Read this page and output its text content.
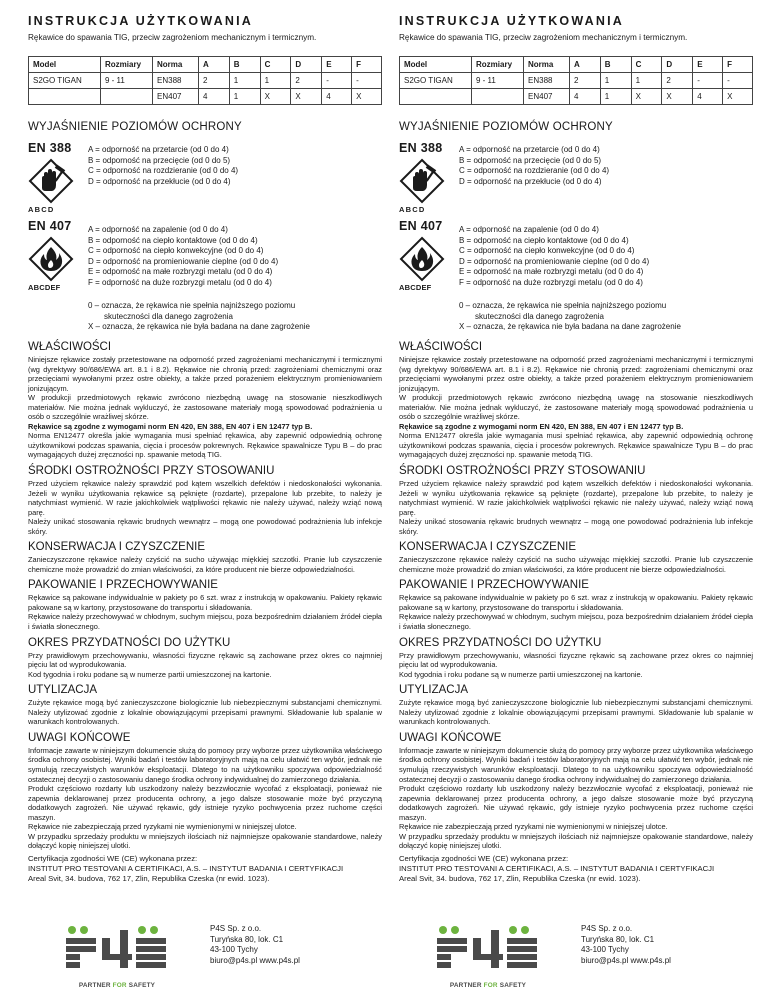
INSTRUKCJA UŻYTKOWANIA
Rękawice do spawania TIG, przeciw zagrożeniom mechanicznym i termicznym.
Model	Rozmiary	Norma	A	B	C	D	E	F
S2GO TIGAN	9 - 11	EN388	2	1	1	2	-	-
		EN407	4	1	X	X	4	X
WYJAŚNIENIE POZIOMÓW OCHRONY
EN 388
ABCD
A = odporność na przetarcie (od 0 do 4)
B = odporność na przecięcie (od 0 do 5)
C = odporność na rozdzieranie (od 0 do 4)
D = odporność na przekłucie (od 0 do 4)
EN 407
ABCDEF
A = odporność na zapalenie (od 0 do 4)
B = odporność na ciepło kontaktowe (od 0 do 4)
C = odporność na ciepło konwekcyjne (od 0 do 4)
D = odporność na promieniowanie cieplne (od 0 do 4)
E = odporność na małe rozbryzgi metalu (od 0 do 4)
F = odporność na duże rozbryzgi metalu (od 0 do 4)
0 – oznacza, że rękawica nie spełnia najniższego poziomu
skuteczności dla danego zagrożenia
X – oznacza, że rękawica nie była badana na dane zagrożenie
WŁAŚCIWOŚCI
Niniejsze rękawice zostały przetestowane na odporność przed zagrożeniami mechanicznymi i termicznymi (wg dyrektywy 90/686/EWA art. 8.1 i 8.2). Rękawice nie chronią przed: zagrożeniami chemicznymi oraz przecięciami wywołanymi przez ostre obiekty, a także przed porażeniem elektrycznym promieniowaniem jonizującym.
W produkcji przedmiotowych rękawic zwrócono niezbędną uwagę na stosowanie nieszkodliwych materiałów. Nie można jednak wykluczyć, że zastosowane materiały mogą spowodować podrażnienia u osób o szczególnie wrażliwej skórze.
Rękawice są zgodne z wymogami norm EN 420, EN 388, EN 407 i EN 12477 typ B.
Norma EN12477 określa jakie wymagania musi spełniać rękawica, aby zapewnić odpowiednią ochronę użytkownikowi podczas spawania, cięcia i procesów pokrewnych. Rękawice spawalnicze Typu B – do prac wymagających dużej zręczności np. spawanie metodą TIG.
ŚRODKI OSTROŻNOŚCI PRZY STOSOWANIU
Przed użyciem rękawice należy sprawdzić pod kątem wszelkich defektów i niedoskonałości wykonania. Jeżeli w wyniku użytkowania rękawice są pęknięte (rozdarte), przepalone lub przebite, to należy je natychmiast wymienić. W razie jakichkolwiek wątpliwości rękawic nie należy używać, należy wziąć nową parę.
Należy unikać stosowania rękawic brudnych wewnątrz – mogą one powodować podrażnienia lub infekcje skóry.
KONSERWACJA I CZYSZCZENIE
Zanieczyszczone rękawice należy czyścić na sucho używając miękkiej szczotki. Pranie lub czyszczenie chemiczne może prowadzić do zmian właściwości, za które producent nie bierze odpowiedzialności.
PAKOWANIE I PRZECHOWYWANIE
Rękawice są pakowane indywidualnie w pakiety po 6 szt. wraz z instrukcją w opakowaniu. Pakiety rękawic pakowane są w kartony, przystosowane do transportu i składowania.
Rękawice należy przechowywać w chłodnym, suchym miejscu, poza bezpośrednim działaniem źródeł ciepła i światła słonecznego.
OKRES PRZYDATNOŚCI DO UŻYTKU
Przy prawidłowym przechowywaniu, własności fizyczne rękawic są zachowane przez okres co najmniej pięciu lat od wyprodukowania.
Kod tygodnia i roku podane są w numerze partii umieszczonej na kartonie.
UTYLIZACJA
Zużyte rękawice mogą być zanieczyszczone biologicznie lub niebezpiecznymi substancjami chemicznymi. Należy utylizować zgodnie z lokalnie obowiązującymi przepisami prawnymi. Składowanie lub spalanie w warunkach kontrolowanych.
UWAGI KOŃCOWE
Informacje zawarte w niniejszym dokumencie służą do pomocy przy wyborze przez użytkownika właściwego środka ochrony osobistej. Wyniki badań i testów laboratoryjnych mają na celu ułatwić ten wybór, jednak nie symulują rzeczywistych warunków eksploatacji. Dlatego to na użytkowniku spoczywa odpowiedzialność ostatecznej decyzji o zastosowaniu danego środka ochrony indywidualnej do zamierzonego działania.
Produkt częściowo rozdarty lub uszkodzony należy bezzwłocznie wycofać z eksploatacji, ponieważ nie zapewnia deklarowanej przez producenta ochrony, a jego dalsze stosowanie może być przyczyną dodatkowych zagrożeń. Nie używać rękawic, gdy istnieje ryzyko pochwycenia przez ruchome części maszyn.
Rękawice nie zabezpieczają przed ryzykami nie wymienionymi w niniejszej ulotce.
W przypadku sprzedaży produktu w mniejszych ilościach niż najmniejsze opakowanie standardowe, należy dołączyć kopię niniejszej ulotki.
Certyfikacja zgodności WE (CE) wykonana przez:
INSTITUT PRO TESTOVANI A CERTIFIKACI, A.S. – INSTYTUT BADANIA I CERTYFIKACJI
Areal Svit, 34. budova, 762 17, Zlin, Republika Czeska (nr ewid. 1023).
INSTRUKCJA UŻYTKOWANIA
Rękawice do spawania TIG, przeciw zagrożeniom mechanicznym i termicznym.
Model	Rozmiary	Norma	A	B	C	D	E	F
S2GO TIGAN	9 - 11	EN388	2	1	1	2	-	-
		EN407	4	1	X	X	4	X
WYJAŚNIENIE POZIOMÓW OCHRONY
EN 388
ABCD
A = odporność na przetarcie (od 0 do 4)
B = odporność na przecięcie (od 0 do 5)
C = odporność na rozdzieranie (od 0 do 4)
D = odporność na przekłucie (od 0 do 4)
EN 407
ABCDEF
A = odporność na zapalenie (od 0 do 4)
B = odporność na ciepło kontaktowe (od 0 do 4)
C = odporność na ciepło konwekcyjne (od 0 do 4)
D = odporność na promieniowanie cieplne (od 0 do 4)
E = odporność na małe rozbryzgi metalu (od 0 do 4)
F = odporność na duże rozbryzgi metalu (od 0 do 4)
0 – oznacza, że rękawica nie spełnia najniższego poziomu
skuteczności dla danego zagrożenia
X – oznacza, że rękawica nie była badana na dane zagrożenie
WŁAŚCIWOŚCI
Niniejsze rękawice zostały przetestowane na odporność przed zagrożeniami mechanicznymi i termicznymi (wg dyrektywy 90/686/EWA art. 8.1 i 8.2). Rękawice nie chronią przed: zagrożeniami chemicznymi oraz przecięciami wywołanymi przez ostre obiekty, a także przed porażeniem elektrycznym promieniowaniem jonizującym.
W produkcji przedmiotowych rękawic zwrócono niezbędną uwagę na stosowanie nieszkodliwych materiałów. Nie można jednak wykluczyć, że zastosowane materiały mogą spowodować podrażnienia u osób o szczególnie wrażliwej skórze.
Rękawice są zgodne z wymogami norm EN 420, EN 388, EN 407 i EN 12477 typ B.
Norma EN12477 określa jakie wymagania musi spełniać rękawica, aby zapewnić odpowiednią ochronę użytkownikowi podczas spawania, cięcia i procesów pokrewnych. Rękawice spawalnicze Typu B – do prac wymagających dużej zręczności np. spawanie metodą TIG.
ŚRODKI OSTROŻNOŚCI PRZY STOSOWANIU
Przed użyciem rękawice należy sprawdzić pod kątem wszelkich defektów i niedoskonałości wykonania. Jeżeli w wyniku użytkowania rękawice są pęknięte (rozdarte), przepalone lub przebite, to należy je natychmiast wymienić. W razie jakichkolwiek wątpliwości rękawic nie należy używać, należy wziąć nową parę.
Należy unikać stosowania rękawic brudnych wewnątrz – mogą one powodować podrażnienia lub infekcje skóry.
KONSERWACJA I CZYSZCZENIE
Zanieczyszczone rękawice należy czyścić na sucho używając miękkiej szczotki. Pranie lub czyszczenie chemiczne może prowadzić do zmian właściwości, za które producent nie bierze odpowiedzialności.
PAKOWANIE I PRZECHOWYWANIE
Rękawice są pakowane indywidualnie w pakiety po 6 szt. wraz z instrukcją w opakowaniu. Pakiety rękawic pakowane są w kartony, przystosowane do transportu i składowania.
Rękawice należy przechowywać w chłodnym, suchym miejscu, poza bezpośrednim działaniem źródeł ciepła i światła słonecznego.
OKRES PRZYDATNOŚCI DO UŻYTKU
Przy prawidłowym przechowywaniu, własności fizyczne rękawic są zachowane przez okres co najmniej pięciu lat od wyprodukowania.
Kod tygodnia i roku podane są w numerze partii umieszczonej na kartonie.
UTYLIZACJA
Zużyte rękawice mogą być zanieczyszczone biologicznie lub niebezpiecznymi substancjami chemicznymi. Należy utylizować zgodnie z lokalnie obowiązującymi przepisami prawnymi. Składowanie lub spalanie w warunkach kontrolowanych.
UWAGI KOŃCOWE
Informacje zawarte w niniejszym dokumencie służą do pomocy przy wyborze przez użytkownika właściwego środka ochrony osobistej. Wyniki badań i testów laboratoryjnych mają na celu ułatwić ten wybór, jednak nie symulują rzeczywistych warunków eksploatacji. Dlatego to na użytkowniku spoczywa odpowiedzialność ostatecznej decyzji o zastosowaniu danego środka ochrony indywidualnej do zamierzonego działania.
Produkt częściowo rozdarty lub uszkodzony należy bezzwłocznie wycofać z eksploatacji, ponieważ nie zapewnia deklarowanej przez producenta ochrony, a jego dalsze stosowanie może być przyczyną dodatkowych zagrożeń. Nie używać rękawic, gdy istnieje ryzyko pochwycenia przez ruchome części maszyn.
Rękawice nie zabezpieczają przed ryzykami nie wymienionymi w niniejszej ulotce.
W przypadku sprzedaży produktu w mniejszych ilościach niż najmniejsze opakowanie standardowe, należy dołączyć kopię niniejszej ulotki.
Certyfikacja zgodności WE (CE) wykonana przez:
INSTITUT PRO TESTOVANI A CERTIFIKACI, A.S. – INSTYTUT BADANIA I CERTYFIKACJI
Areal Svit, 34. budova, 762 17, Zlin, Republika Czeska (nr ewid. 1023).
PARTNER FOR SAFETY
P4S Sp. z o.o.
Turyńska 80, lok. C1
43-100 Tychy
biuro@p4s.pl www.p4s.pl
PARTNER FOR SAFETY
P4S Sp. z o.o.
Turyńska 80, lok. C1
43-100 Tychy
biuro@p4s.pl www.p4s.pl
